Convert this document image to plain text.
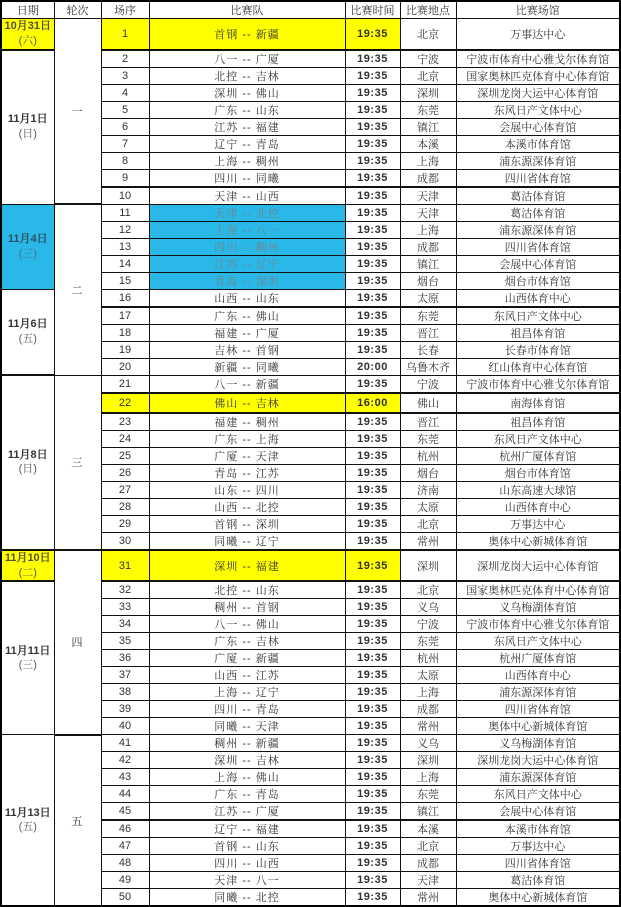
日期	轮次	场序	比赛队	比赛时间	比赛地点	比赛场馆
10月31日
(六)	一	1	首钢 -- 新疆	19:35	北京	万事达中心
11月1日
(日)		2	八一 -- 广厦	19:35	宁波	宁波市体育中心雅戈尔体育馆
		3	北控 -- 吉林	19:35	北京	国家奥林匹克体育中心体育馆
		4	深圳 -- 佛山	19:35	深圳	深圳龙岗大运中心体育馆
		5	广东 -- 山东	19:35	东莞	东风日产文体中心
		6	江苏 -- 福建	19:35	镇江	会展中心体育馆
		7	辽宁 -- 青岛	19:35	本溪	本溪市体育馆
		8	上海 -- 稠州	19:35	上海	浦东源深体育馆
		9	四川 -- 同曦	19:35	成都	四川省体育馆
		10	天津 -- 山西	19:35	天津	葛沽体育馆
11月4日
(三)	二	11	天津 -- 北控	19:35	天津	葛沽体育馆
		12	上海 -- 八一	19:35	上海	浦东源深体育馆
		13	四川 -- 稠州	19:35	成都	四川省体育馆
		14	江苏 -- 辽宁	19:35	镇江	会展中心体育馆
		15	青岛 -- 深圳	19:35	烟台	烟台市体育馆
11月6日
(五)		16	山西 -- 山东	19:35	太原	山西体育中心
		17	广东 -- 佛山	19:35	东莞	东风日产文体中心
		18	福建 -- 广厦	19:35	晋江	祖昌体育馆
		19	吉林 -- 首钢	19:35	长春	长春市体育馆
		20	新疆 -- 同曦	20:00	乌鲁木齐	红山体育中心体育馆
11月8日
(日)	三	21	八一 -- 新疆	19:35	宁波	宁波市体育中心雅戈尔体育馆
		22	佛山 -- 吉林	16:00	佛山	南海体育馆
		23	福建 -- 稠州	19:35	晋江	祖昌体育馆
		24	广东 -- 上海	19:35	东莞	东风日产文体中心
		25	广厦 -- 天津	19:35	杭州	杭州广厦体育馆
		26	青岛 -- 江苏	19:35	烟台	烟台市体育馆
		27	山东 -- 四川	19:35	济南	山东高速大球馆
		28	山西 -- 北控	19:35	太原	山西体育中心
		29	首钢 -- 深圳	19:35	北京	万事达中心
		30	同曦 -- 辽宁	19:35	常州	奥体中心新城体育馆
11月10日
(二)	四	31	深圳 -- 福建	19:35	深圳	深圳龙岗大运中心体育馆
11月11日
(三)		32	北控 -- 山东	19:35	北京	国家奥林匹克体育中心体育馆
		33	稠州 -- 首钢	19:35	义乌	义乌梅湖体育馆
		34	八一 -- 佛山	19:35	宁波	宁波市体育中心雅戈尔体育馆
		35	广东 -- 吉林	19:35	东莞	东风日产文体中心
		36	广厦 -- 新疆	19:35	杭州	杭州广厦体育馆
		37	山西 -- 江苏	19:35	太原	山西体育中心
		38	上海 -- 辽宁	19:35	上海	浦东源深体育馆
		39	四川 -- 青岛	19:35	成都	四川省体育馆
		40	同曦 -- 天津	19:35	常州	奥体中心新城体育馆
11月13日
(五)	五	41	稠州 -- 新疆	19:35	义乌	义乌梅湖体育馆
		42	深圳 -- 吉林	19:35	深圳	深圳龙岗大运中心体育馆
		43	上海 -- 佛山	19:35	上海	浦东源深体育馆
		44	广东 -- 青岛	19:35	东莞	东风日产文体中心
		45	江苏 -- 广厦	19:35	镇江	会展中心体育馆
		46	辽宁 -- 福建	19:35	本溪	本溪市体育馆
		47	首钢 -- 山东	19:35	北京	万事达中心
		48	四川 -- 山西	19:35	成都	四川省体育馆
		49	天津 -- 八一	19:35	天津	葛沽体育馆
		50	同曦 -- 北控	19:35	常州	奥体中心新城体育馆
